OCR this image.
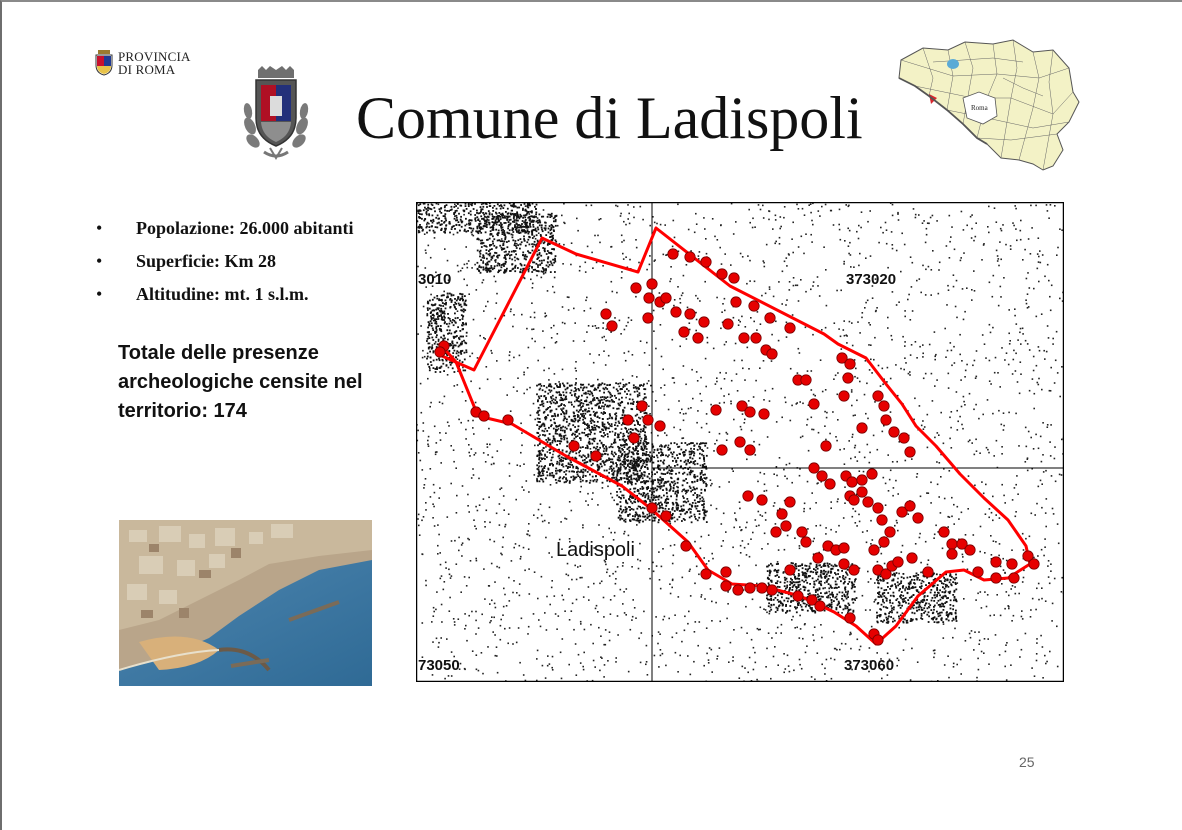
PROVINCIA
DI ROMA
Comune di Ladispoli	Roma
• Popolazione: 26.000 abitanti
• Superficie: Km 28
• Altitudine: mt. 1 s.l.m.
Totale delle presenze archeologiche censite nel territorio: 174
3010	373020
73050	373060
Ladispoli
25
